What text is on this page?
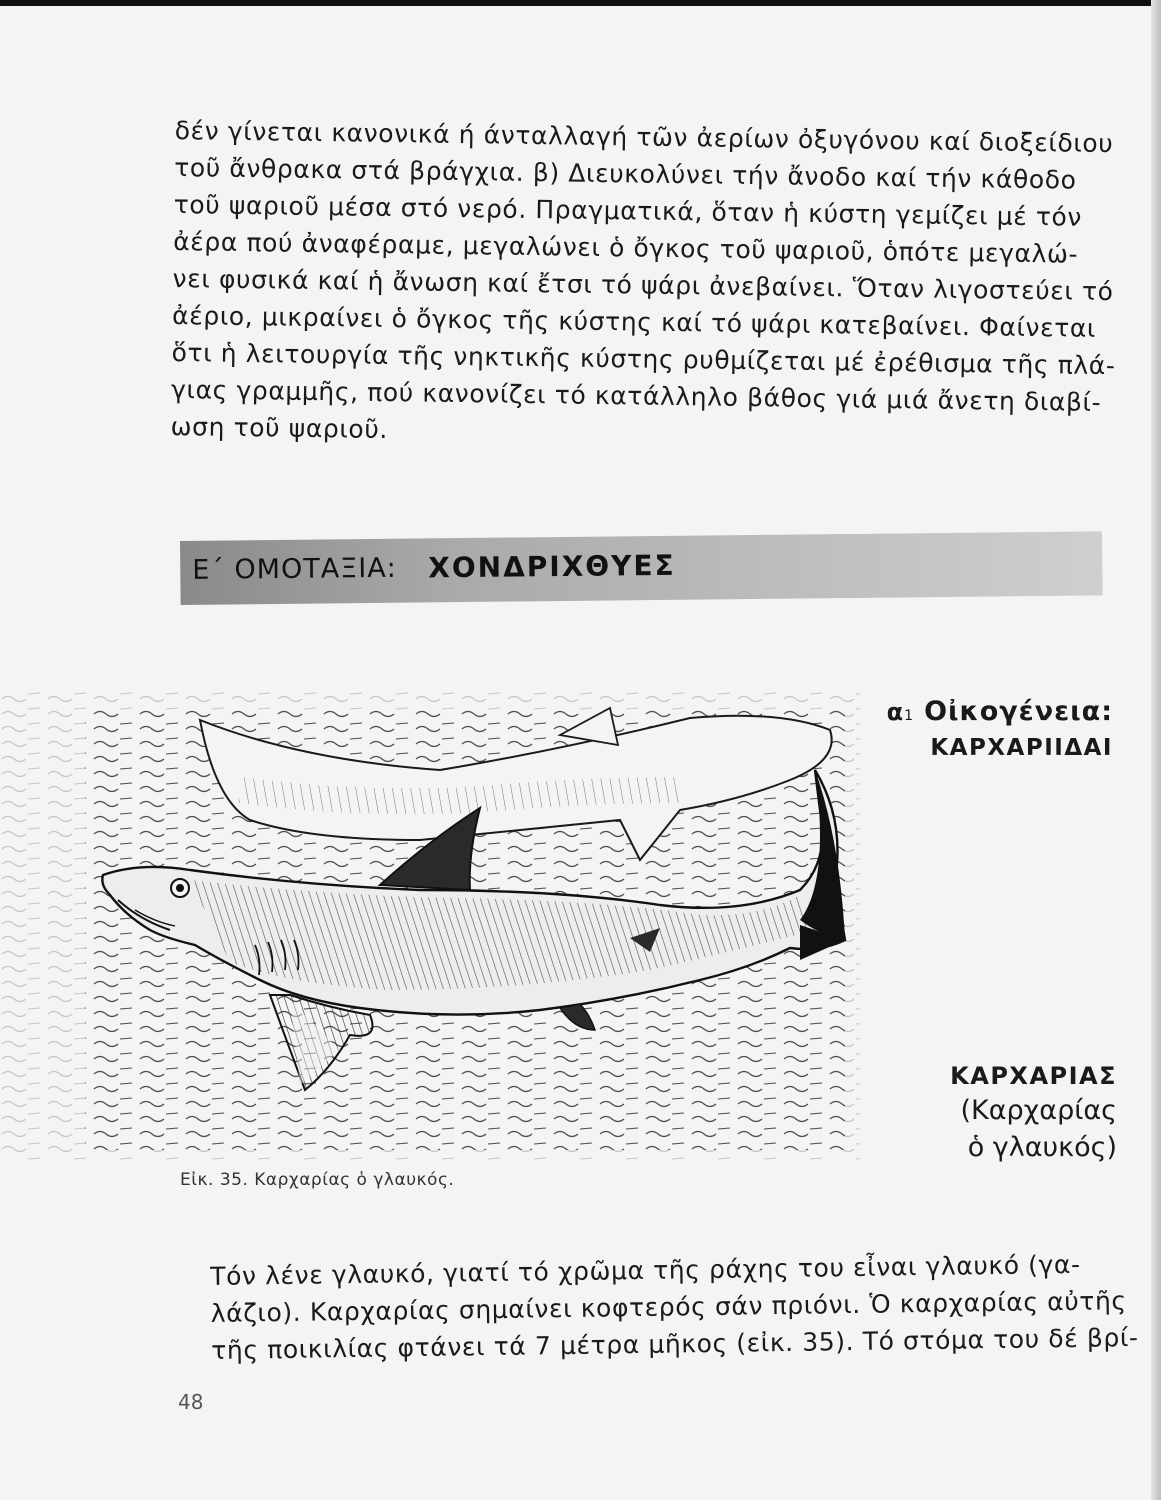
δέν γίνεται κανονικά ή άνταλλαγή τῶν ἀερίων ὀξυγόνου καί διοξείδιου
τοῦ ἄνθρακα στά βράγχια. β) Διευκολύνει τήν ἄνοδο καί τήν κάθοδο
τοῦ ψαριοῦ μέσα στό νερό. Πραγματικά, ὅταν ἡ κύστη γεμίζει μέ τόν
ἀέρα πού ἀναφέραμε, μεγαλώνει ὁ ὄγκος τοῦ ψαριοῦ, ὁπότε μεγαλώ-
νει φυσικά καί ἡ ἄνωση καί ἔτσι τό ψάρι ἀνεβαίνει. Ὅταν λιγοστεύει τό
ἀέριο, μικραίνει ὁ ὄγκος τῆς κύστης καί τό ψάρι κατεβαίνει. Φαίνεται
ὅτι ἡ λειτουργία τῆς νηκτικῆς κύστης ρυθμίζεται μέ ἐρέθισμα τῆς πλά-
γιας γραμμῆς, πού κανονίζει τό κατάλληλο βάθος γιά μιά ἄνετη διαβί-
ωση τοῦ ψαριοῦ.
Ε΄ ΟΜΟΤΑΞΙΑ: ΧΟΝΔΡΙΧΘΥΕΣ
α1 Οἰκογένεια:
ΚΑΡΧΑΡΙΙΔΑΙ
ΚΑΡΧΑΡΙΑΣ
(Καρχαρίας
ὁ γλαυκός)
Εἰκ. 35. Καρχαρίας ὁ γλαυκός.
Τόν λένε γλαυκό, γιατί τό χρῶμα τῆς ράχης του εἶναι γλαυκό (γα-
λάζιο). Καρχαρίας σημαίνει κοφτερός σάν πριόνι. Ὁ καρχαρίας αὐτῆς
τῆς ποικιλίας φτάνει τά 7 μέτρα μῆκος (εἰκ. 35). Τό στόμα του δέ βρί-
48
